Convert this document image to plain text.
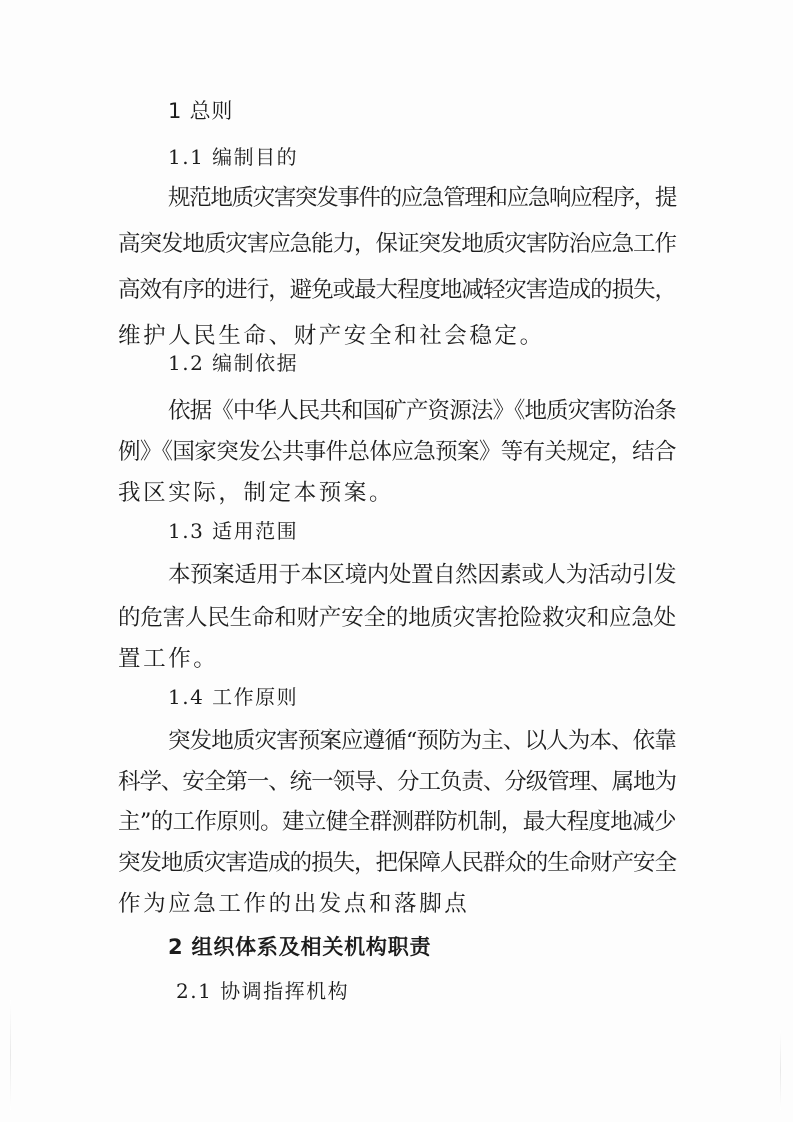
1 总则
1.1 编制目的
规范地质灾害突发事件的应急管理和应急响应程序，提
高突发地质灾害应急能力，保证突发地质灾害防治应急工作
高效有序的进行，避免或最大程度地减轻灾害造成的损失，
维护人民生命、财产安全和社会稳定。
1.2 编制依据
依据《中华人民共和国矿产资源法》《地质灾害防治条
例》《国家突发公共事件总体应急预案》等有关规定，结合
我区实际，制定本预案。
1.3 适用范围
本预案适用于本区境内处置自然因素或人为活动引发
的危害人民生命和财产安全的地质灾害抢险救灾和应急处
置工作。
1.4 工作原则
突发地质灾害预案应遵循“预防为主、以人为本、依靠
科学、安全第一、统一领导、分工负责、分级管理、属地为
主”的工作原则。建立健全群测群防机制，最大程度地减少
突发地质灾害造成的损失，把保障人民群众的生命财产安全
作为应急工作的出发点和落脚点
2 组织体系及相关机构职责
2.1 协调指挥机构
